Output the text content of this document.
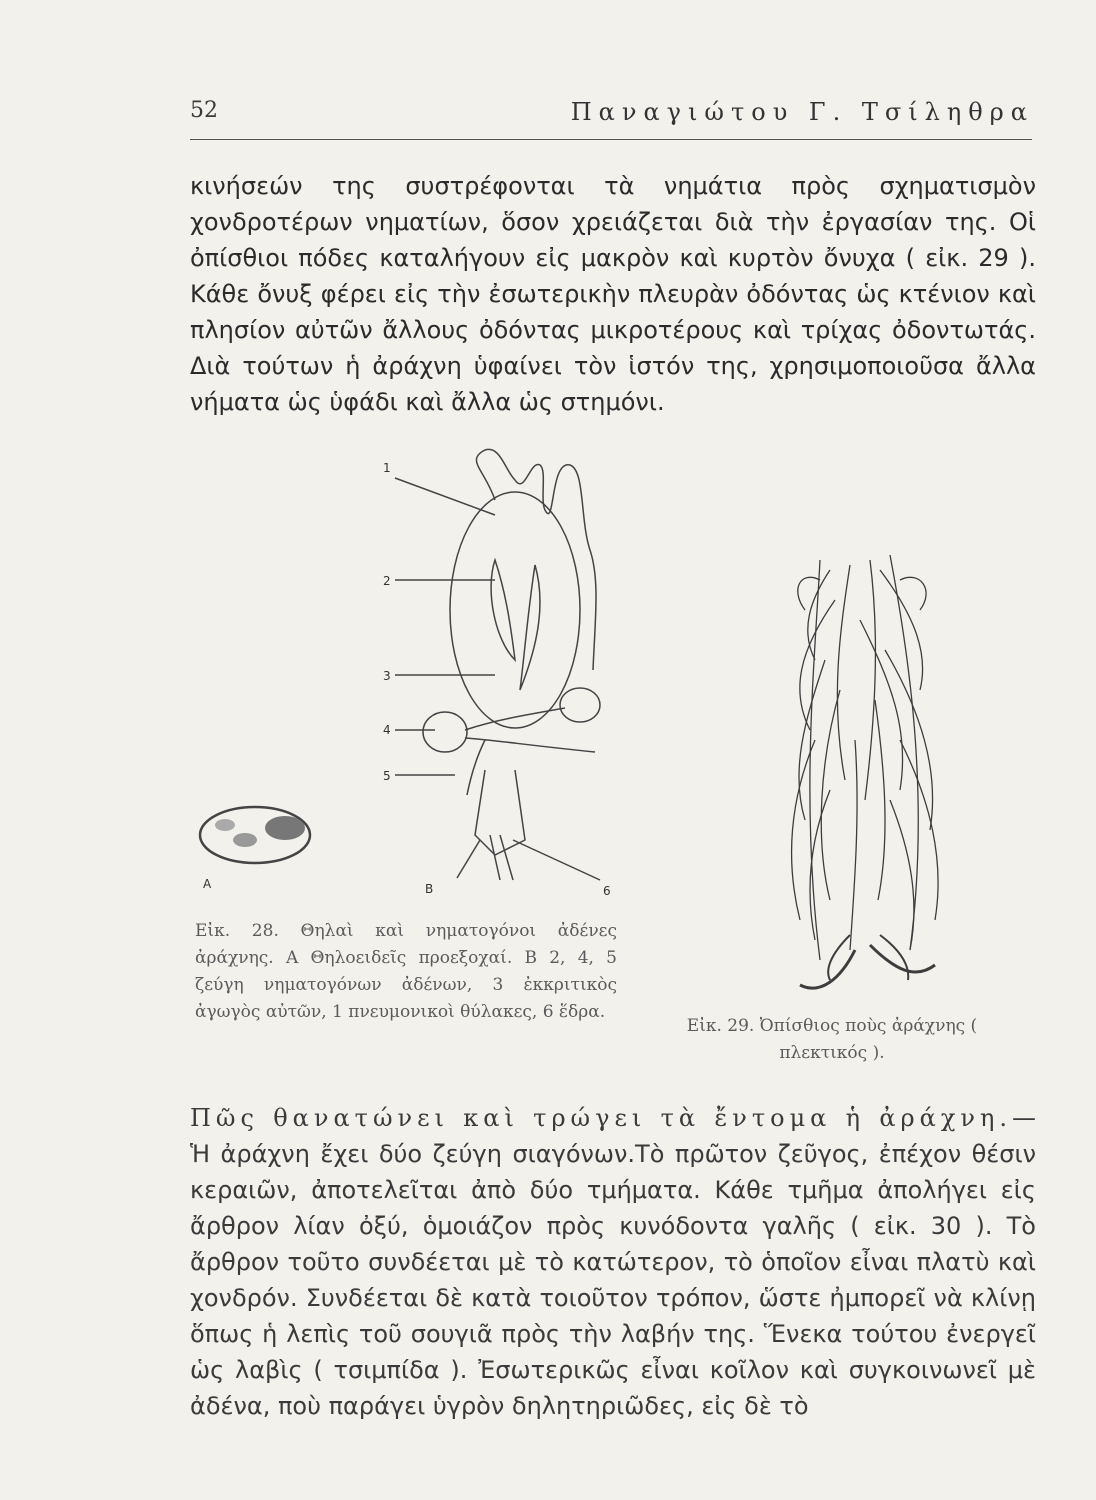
52	Παναγιώτου Γ. Τσίληθρα
κινήσεών της συστρέφονται τὰ νημάτια πρὸς σχηματισμὸν χονδροτέρων νηματίων, ὅσον χρειάζεται διὰ τὴν ἐργασίαν της. Οἱ ὀπίσθιοι πόδες καταλήγουν εἰς μακρὸν καὶ κυρτὸν ὄνυχα ( εἰκ. 29 ). Κάθε ὄνυξ φέρει εἰς τὴν ἐσωτερικὴν πλευρὰν ὀδόντας ὡς κτένιον καὶ πλησίον αὐτῶν ἄλλους ὀδόντας μικροτέρους καὶ τρίχας ὀδοντωτάς. Διὰ τούτων ἡ ἀράχνη ὑφαίνει τὸν ἱστόν της, χρησιμοποιοῦσα ἄλλα νήματα ὡς ὑφάδι καὶ ἄλλα ὡς στημόνι.
1
2
3
4
5
6
A	B
Εἰκ. 28. Θηλαὶ καὶ νηματογόνοι ἀδένες ἀράχνης. Α Θηλοειδεῖς προεξοχαί. Β 2, 4, 5 ζεύγη νηματογόνων ἀδένων, 3 ἐκκριτικὸς ἀγωγὸς αὐτῶν, 1 πνευμονικοὶ θύλακες, 6 ἕδρα.
Εἰκ. 29. Ὀπίσθιος ποὺς ἀράχνης ( πλεκτικός ).
Πῶς θανατώνει καὶ τρώγει τὰ ἔντομα ἡ ἀράχνη.—Ἡ ἀράχνη ἔχει δύο ζεύγη σιαγόνων.Τὸ πρῶτον ζεῦγος, ἐπέχον θέσιν κεραιῶν, ἀποτελεῖται ἀπὸ δύο τμήματα. Κάθε τμῆμα ἀπολήγει εἰς ἄρθρον λίαν ὀξύ, ὁμοιάζον πρὸς κυνόδοντα γαλῆς ( εἰκ. 30 ). Τὸ ἄρθρον τοῦτο συνδέεται μὲ τὸ κατώτερον, τὸ ὁποῖον εἶναι πλατὺ καὶ χονδρόν. Συνδέεται δὲ κατὰ τοιοῦτον τρόπον, ὥστε ἠμπορεῖ νὰ κλίνῃ ὅπως ἡ λεπὶς τοῦ σουγιᾶ πρὸς τὴν λαβήν της. Ἕνεκα τούτου ἐνεργεῖ ὡς λαβὶς ( τσιμπίδα ). Ἐσωτερικῶς εἶναι κοῖλον καὶ συγκοινωνεῖ μὲ ἀδένα, ποὺ παράγει ὑγρὸν δηλητηριῶδες, εἰς δὲ τὸ
